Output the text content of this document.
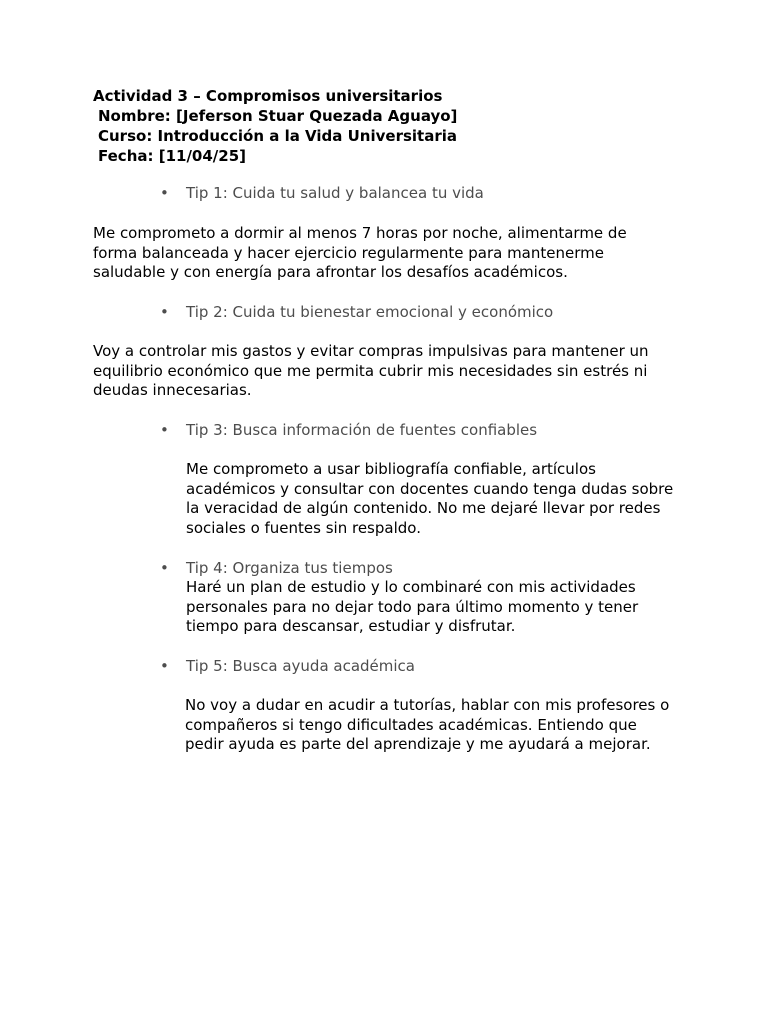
Actividad 3 – Compromisos universitarios
Nombre: [Jeferson Stuar Quezada Aguayo]
Curso: Introducción a la Vida Universitaria
Fecha: [11/04/25]
• Tip 1: Cuida tu salud y balancea tu vida
Me comprometo a dormir al menos 7 horas por noche, alimentarme de forma balanceada y hacer ejercicio regularmente para mantenerme saludable y con energía para afrontar los desafíos académicos.
• Tip 2: Cuida tu bienestar emocional y económico
Voy a controlar mis gastos y evitar compras impulsivas para mantener un equilibrio económico que me permita cubrir mis necesidades sin estrés ni deudas innecesarias.
• Tip 3: Busca información de fuentes confiables
Me comprometo a usar bibliografía confiable, artículos académicos y consultar con docentes cuando tenga dudas sobre la veracidad de algún contenido. No me dejaré llevar por redes sociales o fuentes sin respaldo.
• Tip 4: Organiza tus tiempos
Haré un plan de estudio y lo combinaré con mis actividades personales para no dejar todo para último momento y tener tiempo para descansar, estudiar y disfrutar.
• Tip 5: Busca ayuda académica
No voy a dudar en acudir a tutorías, hablar con mis profesores o compañeros si tengo dificultades académicas. Entiendo que pedir ayuda es parte del aprendizaje y me ayudará a mejorar.
